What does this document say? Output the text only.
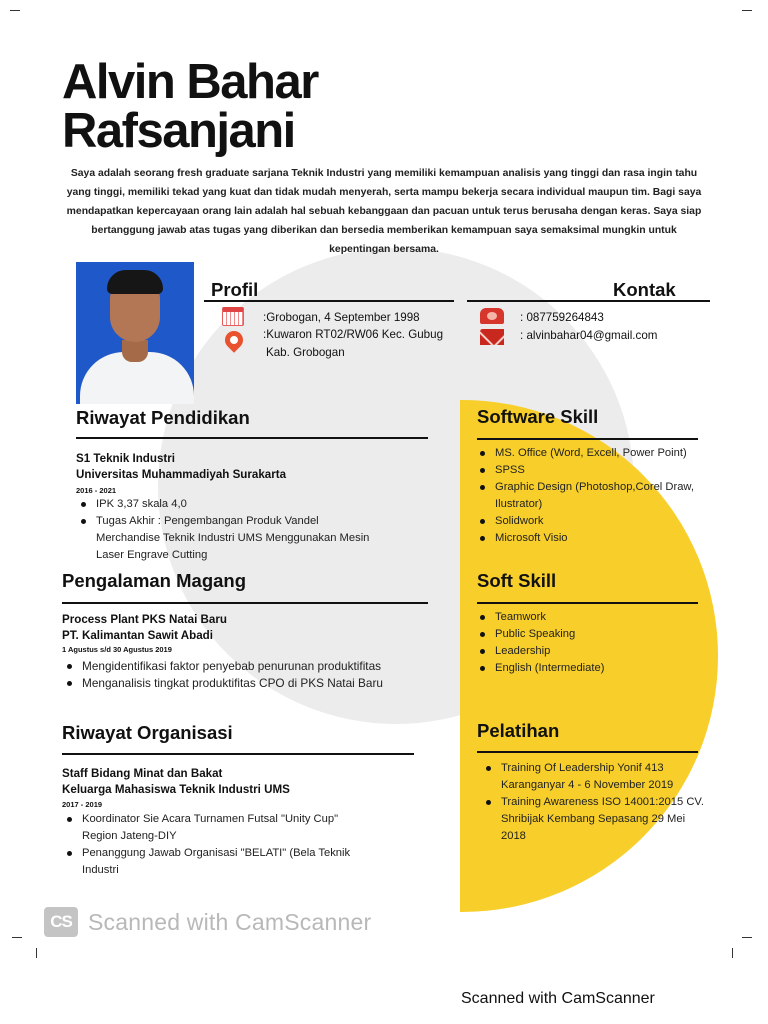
Alvin Bahar
Rafsanjani

Saya adalah seorang fresh graduate sarjana Teknik Industri yang memiliki kemampuan analisis yang tinggi dan rasa ingin tahu yang tinggi, memiliki tekad yang kuat dan tidak mudah menyerah, serta mampu bekerja secara individual maupun tim. Bagi saya mendapatkan kepercayaan orang lain adalah hal sebuah kebanggaan dan pacuan untuk terus berusaha dengan keras. Saya siap bertanggung jawab atas tugas yang diberikan dan bersedia memberikan kemampuan saya semaksimal mungkin untuk kepentingan bersama.

Profil
:Grobogan, 4 September 1998
:Kuwaron RT02/RW06 Kec. Gubug
Kab. Grobogan
Kontak
: 087759264843
: alvinbahar04@gmail.com
Riwayat Pendidikan
S1 Teknik Industri
Universitas Muhammadiyah Surakarta
2016 - 2021
IPK 3,37 skala 4,0
Tugas Akhir : Pengembangan Produk Vandel Merchandise Teknik Industri UMS Menggunakan Mesin Laser Engrave Cutting
Pengalaman Magang
Process Plant PKS Natai Baru
PT. Kalimantan Sawit Abadi
1 Agustus s/d 30 Agustus 2019
Mengidentifikasi faktor penyebab penurunan produktifitas
Menganalisis tingkat produktifitas CPO di PKS Natai Baru
Riwayat Organisasi
Staff Bidang Minat dan Bakat
Keluarga Mahasiswa Teknik Industri UMS
2017 - 2019
Koordinator Sie Acara Turnamen Futsal "Unity Cup" Region Jateng-DIY
Penanggung Jawab Organisasi "BELATI" (Bela Teknik Industri
Software Skill
MS. Office (Word, Excell, Power Point)
SPSS
Graphic Design (Photoshop,Corel Draw, Ilustrator)
Solidwork
Microsoft Visio
Soft Skill
Teamwork
Public Speaking
Leadership
English (Intermediate)
Pelatihan
Training Of Leadership Yonif 413 Karanganyar 4 - 6 November 2019
Training Awareness ISO 14001:2015 CV. Shribijak Kembang Sepasang 29 Mei 2018
CS Scanned with CamScanner
Scanned with CamScanner
